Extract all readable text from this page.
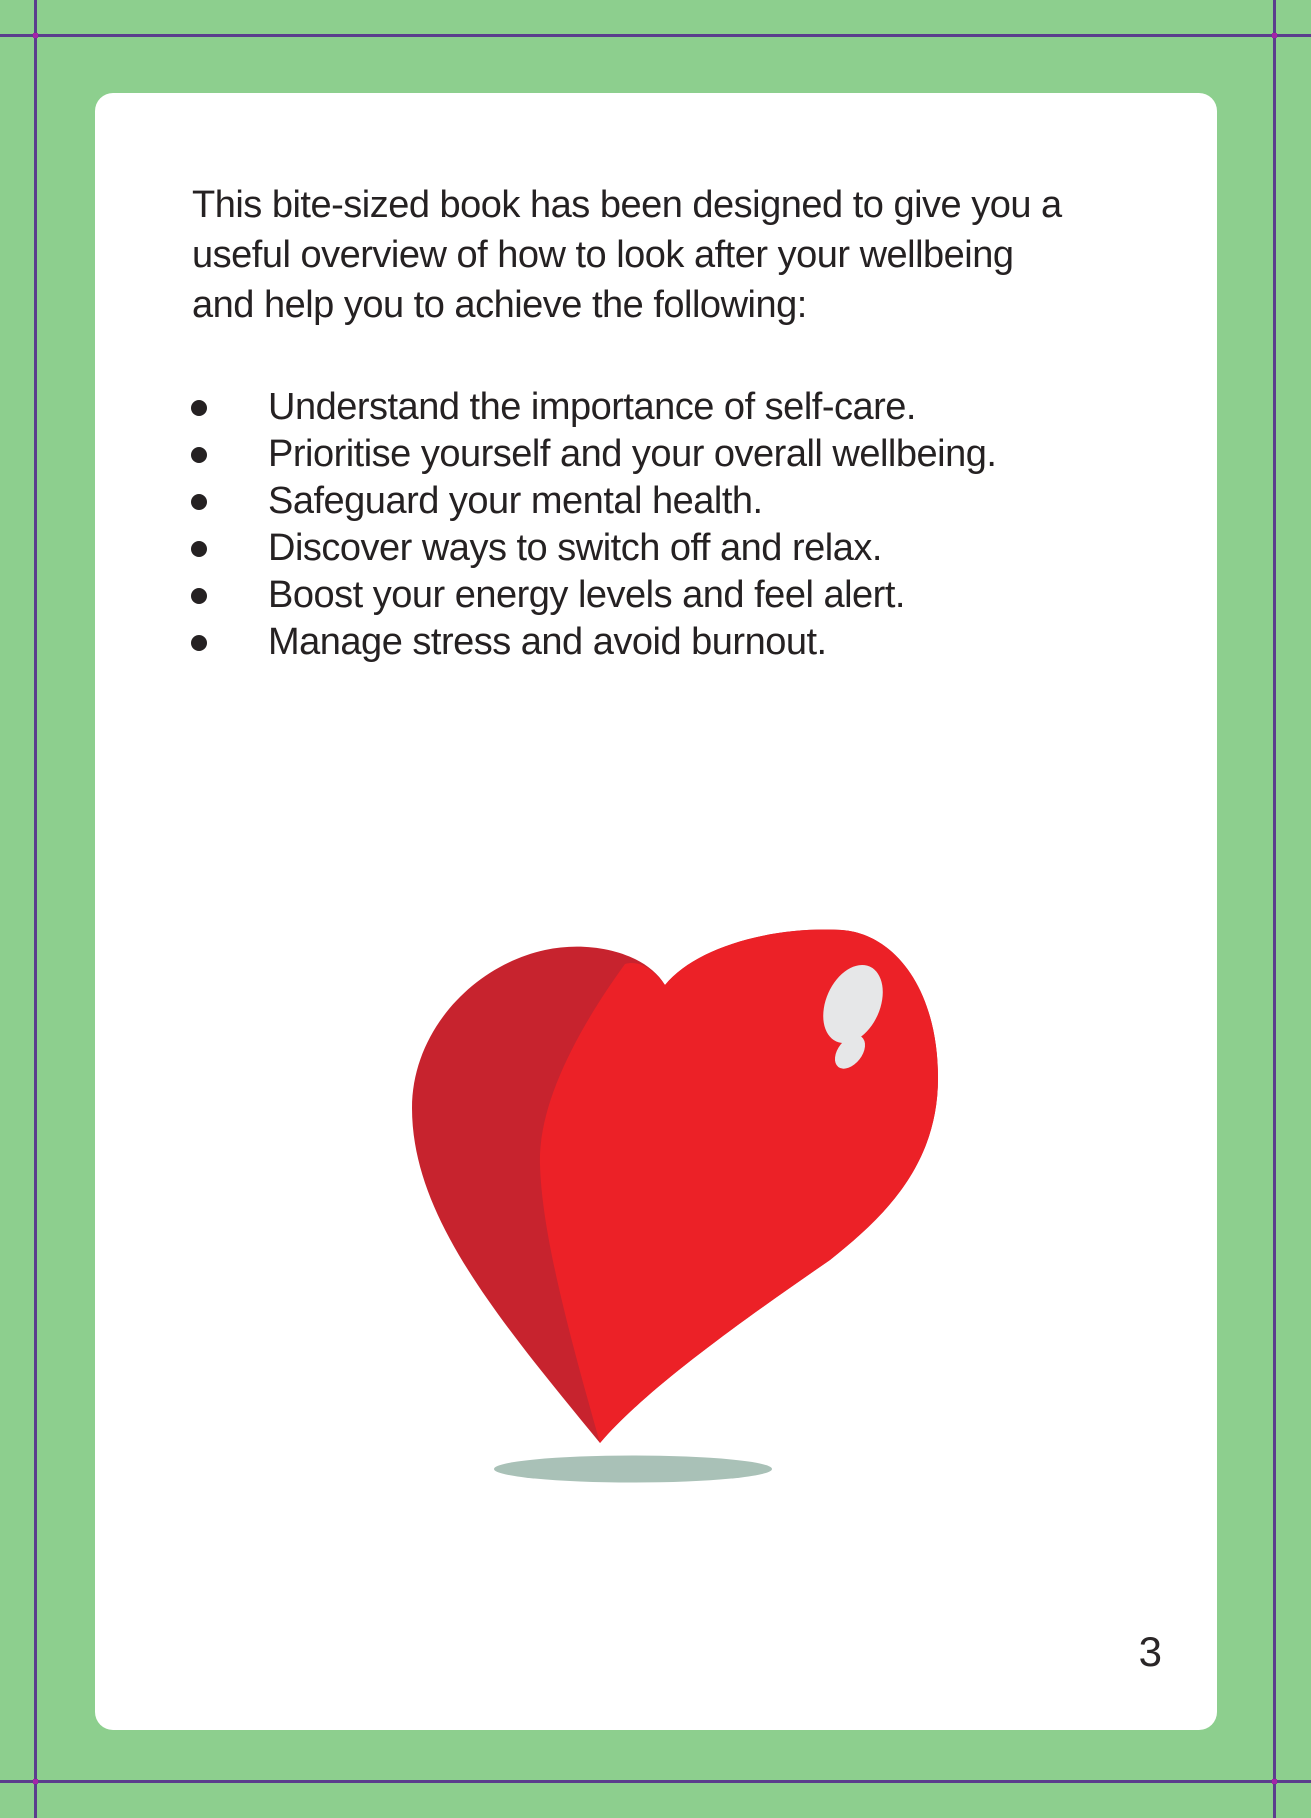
This bite-sized book has been designed to give you a
useful overview of how to look after your wellbeing
and help you to achieve the following:
Understand the importance of self-care.
Prioritise yourself and your overall wellbeing.
Safeguard your mental health.
Discover ways to switch off and relax.
Boost your energy levels and feel alert.
Manage stress and avoid burnout.
3
